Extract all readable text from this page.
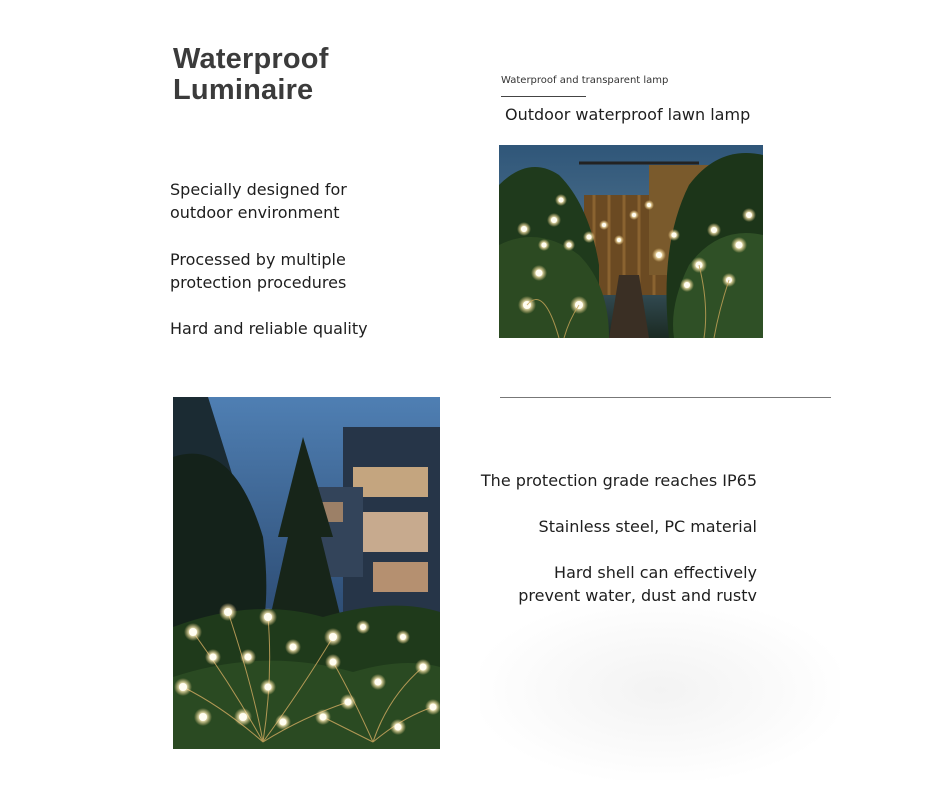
Waterproof
Luminaire
Specially designed for
outdoor environment
Processed by multiple
protection procedures
Hard and reliable quality
Waterproof and transparent lamp
Outdoor waterproof lawn lamp
The protection grade reaches IP65
Stainless steel, PC material
Hard shell can effectively
prevent water, dust and rustv
